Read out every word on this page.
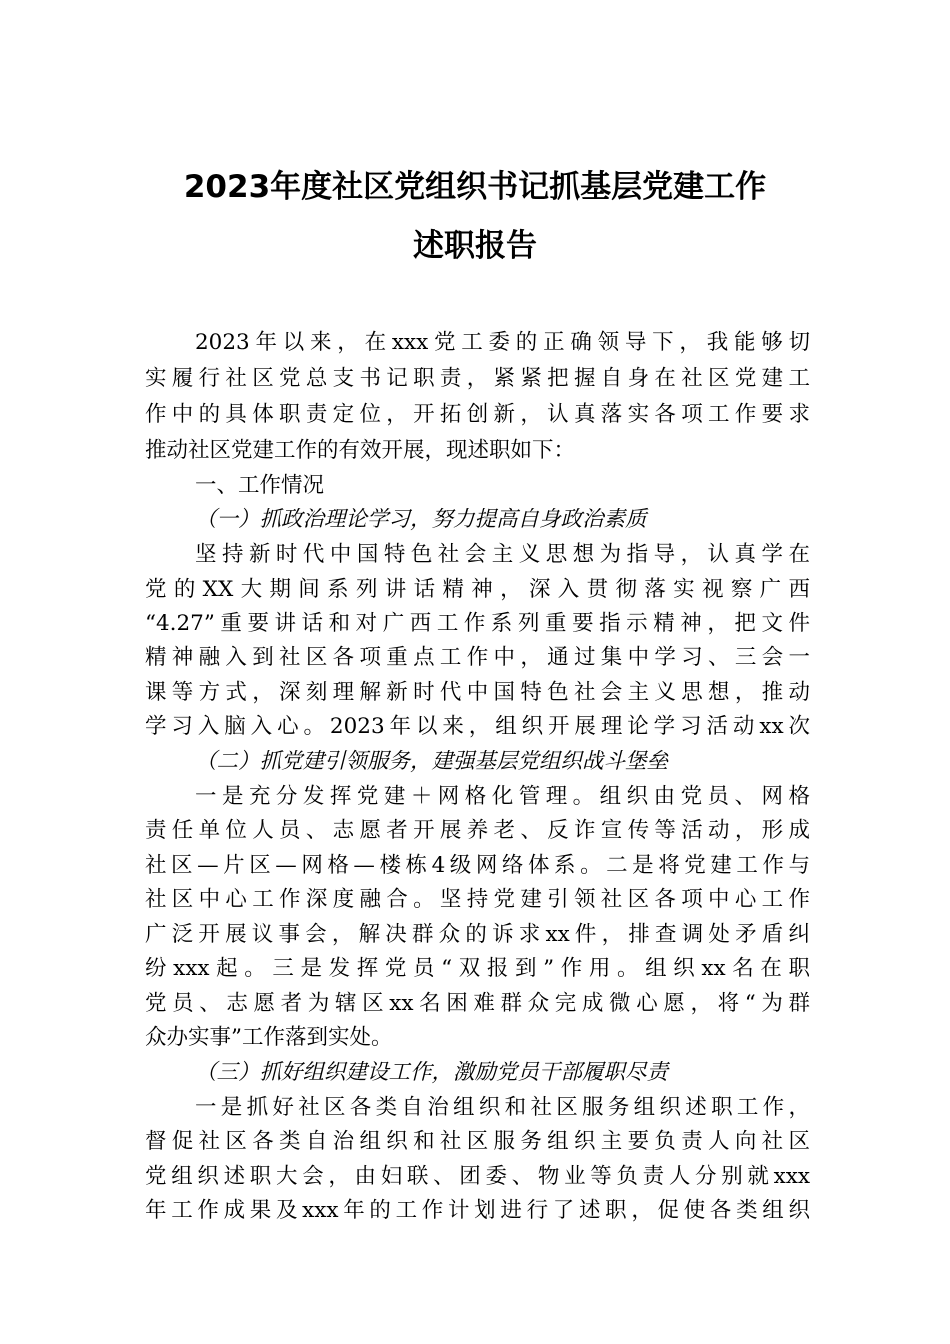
2023年度社区党组织书记抓基层党建工作
述职报告
2023年以来，在xxx党工委的正确领导下，我能够切
实履行社区党总支书记职责，紧紧把握自身在社区党建工
作中的具体职责定位，开拓创新，认真落实各项工作要求
推动社区党建工作的有效开展，现述职如下：
一、工作情况
（一）抓政治理论学习，努力提高自身政治素质
坚持新时代中国特色社会主义思想为指导，认真学在
党的XX大期间系列讲话精神，深入贯彻落实视察广西
“4.27”重要讲话和对广西工作系列重要指示精神，把文件
精神融入到社区各项重点工作中，通过集中学习、三会一
课等方式，深刻理解新时代中国特色社会主义思想，推动
学习入脑入心。2023年以来，组织开展理论学习活动xx次
（二）抓党建引领服务，建强基层党组织战斗堡垒
一是充分发挥党建＋网格化管理。组织由党员、网格
责任单位人员、志愿者开展养老、反诈宣传等活动，形成
社区—片区—网格—楼栋4级网络体系。二是将党建工作与
社区中心工作深度融合。坚持党建引领社区各项中心工作
广泛开展议事会，解决群众的诉求xx件，排查调处矛盾纠
纷xxx起。三是发挥党员“双报到”作用。组织xx名在职
党员、志愿者为辖区xx名困难群众完成微心愿，将“为群
众办实事”工作落到实处。
（三）抓好组织建设工作，激励党员干部履职尽责
一是抓好社区各类自治组织和社区服务组织述职工作，
督促社区各类自治组织和社区服务组织主要负责人向社区
党组织述职大会，由妇联、团委、物业等负责人分别就xxx
年工作成果及xxx年的工作计划进行了述职，促使各类组织
